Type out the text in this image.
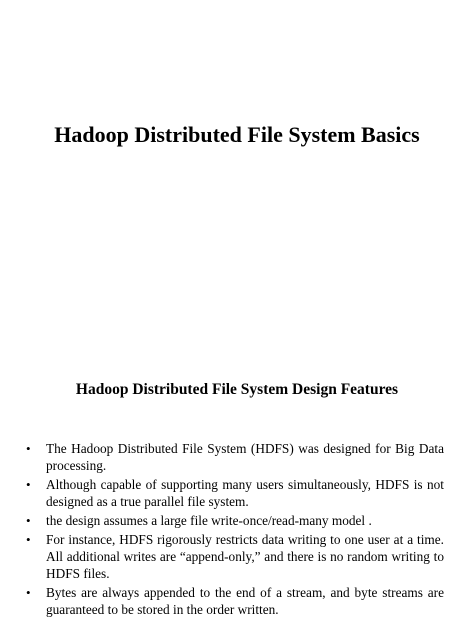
Hadoop Distributed File System Basics
Hadoop Distributed File System Design Features
• The Hadoop Distributed File System (HDFS) was designed for Big Data processing.
• Although capable of supporting many users simultaneously, HDFS is not designed as a true parallel file system.
• the design assumes a large file write-once/read-many model .
• For instance, HDFS rigorously restricts data writing to one user at a time. All additional writes are “append-only,” and there is no random writing to HDFS files.
• Bytes are always appended to the end of a stream, and byte streams are guaranteed to be stored in the order written.
